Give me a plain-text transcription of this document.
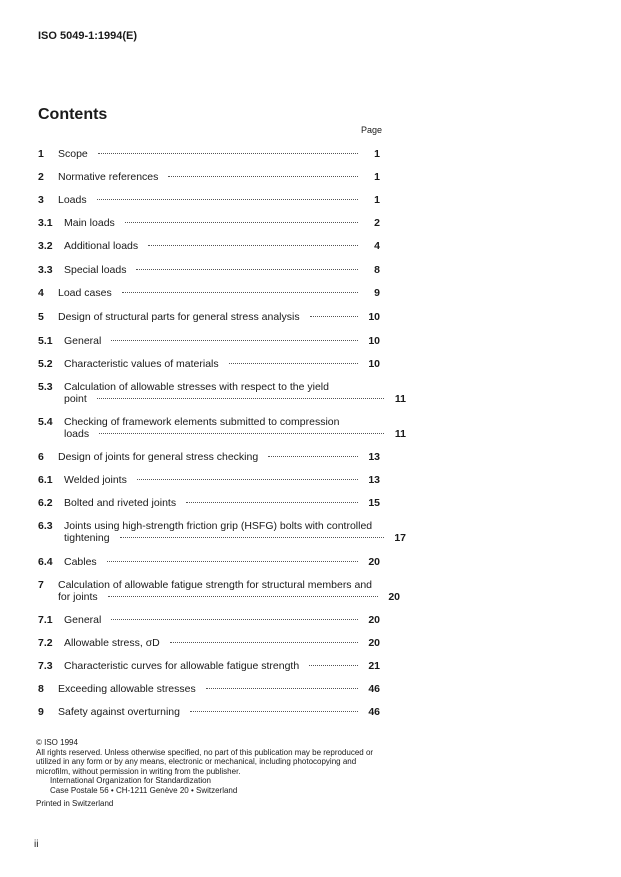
ISO 5049-1:1994(E)
Contents
Page
1	Scope	1
2	Normative references	1
3	Loads	1
3.1	Main loads	2
3.2	Additional loads	4
3.3	Special loads	8
4	Load cases	9
5	Design of structural parts for general stress analysis	10
5.1	General	10
5.2	Characteristic values of materials	10
5.3	Calculation of allowable stresses with respect to the yield
point	11
5.4	Checking of framework elements submitted to compression
loads	11
6	Design of joints for general stress checking	13
6.1	Welded joints	13
6.2	Bolted and riveted joints	15
6.3	Joints using high-strength friction grip (HSFG) bolts with controlled
tightening	17
6.4	Cables	20
7	Calculation of allowable fatigue strength for structural members and
for joints	20
7.1	General	20
7.2	Allowable stress, σD	20
7.3	Characteristic curves for allowable fatigue strength	21
8	Exceeding allowable stresses	46
9	Safety against overturning	46

© ISO 1994

All rights reserved. Unless otherwise specified, no part of this publication may be reproduced or utilized in any form or by any means, electronic or mechanical, including photocopying and microfilm, without permission in writing from the publisher.

International Organization for Standardization

Case Postale 56 • CH-1211 Genève 20 • Switzerland

Printed in Switzerland

ii
